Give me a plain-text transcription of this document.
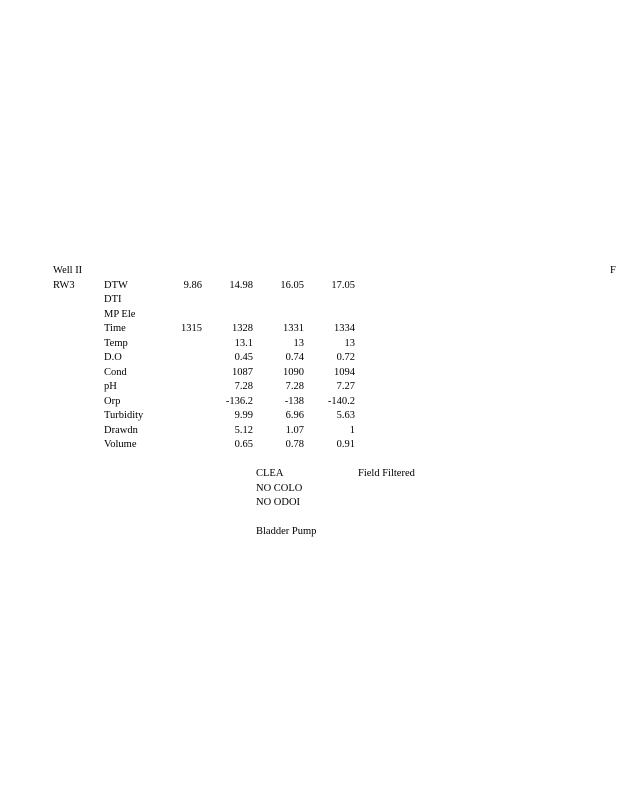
Well II
RW3
F
DTW
DTI
MP Ele
Time
Temp
D.O
Cond
pH
Orp
Turbidity
Drawdn
Volume
9.86
1315
14.98
1328
13.1
0.45
1087
7.28
-136.2
9.99
5.12
0.65
16.05
1331
13
0.74
1090
7.28
-138
6.96
1.07
0.78
17.05
1334
13
0.72
1094
7.27
-140.2
5.63
1
0.91
CLEA
NO COLO
NO ODOI
Field Filtered
Bladder Pump
